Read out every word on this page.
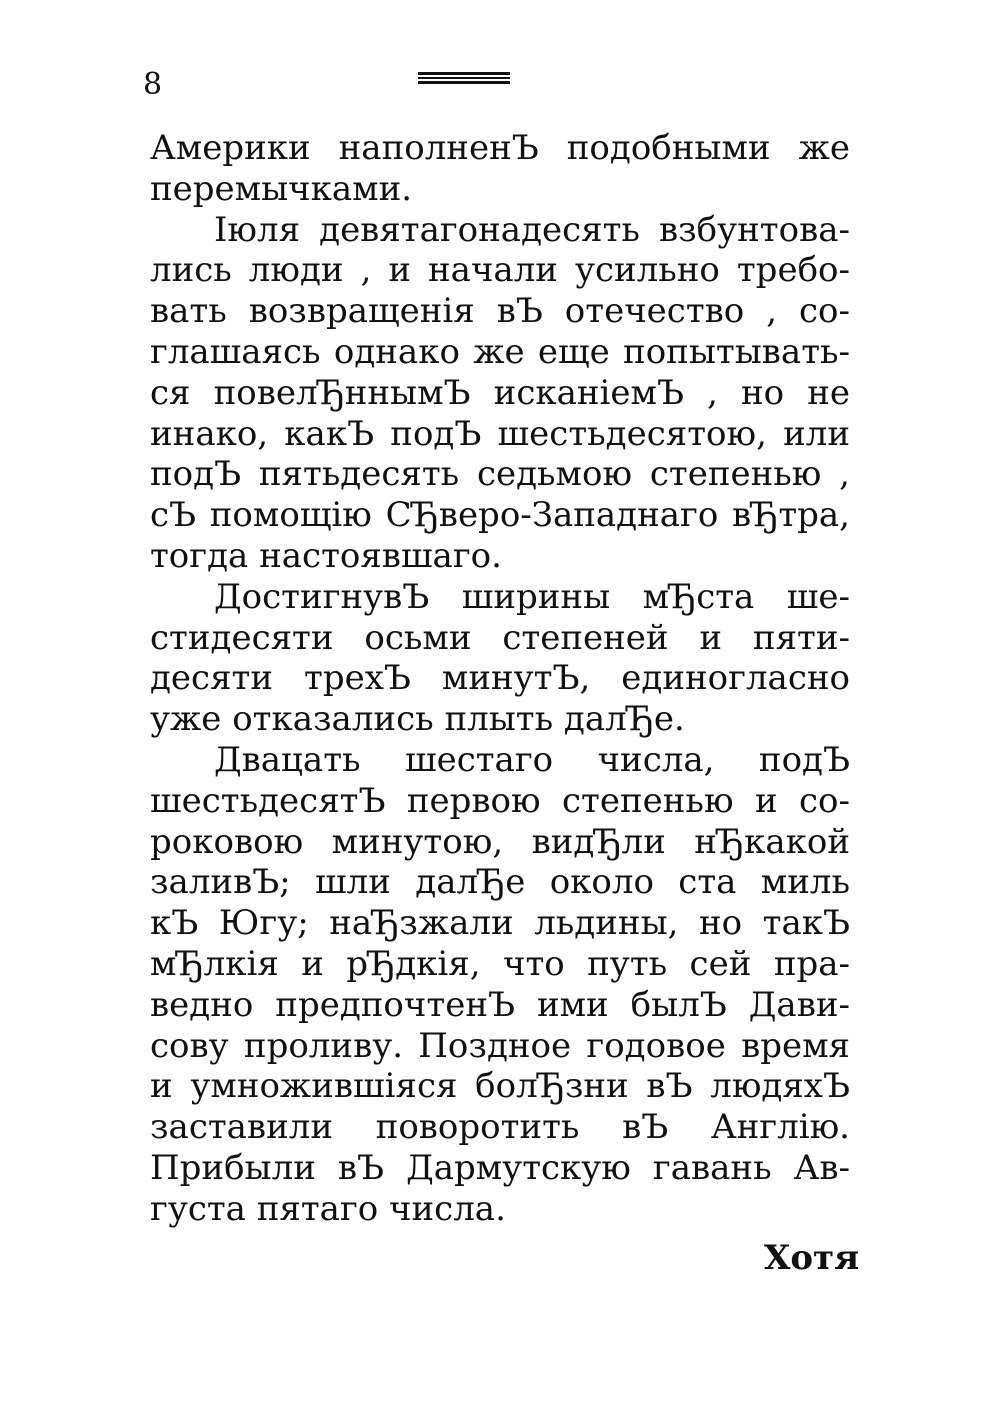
8
Америки наполненЪ подобными же
перемычками.
Іюля девятагонадесять взбунтова-
лись люди , и начали усильно требо-
вать возвращенія вЪ отечество , со-
глашаясь однако же еще попытывать-
ся повелЂннымЪ исканіемЪ , но не
инако, какЪ подЪ шестьдесятою, или
подЪ пятьдесять седьмою степенью ,
сЪ помощію СЂверо-Западнаго вЂтра,
тогда настоявшаго.
ДостигнувЪ ширины мЂста ше-
стидесяти осьми степеней и пяти-
десяти трехЪ минутЪ, единогласно
уже отказались плыть далЂе.
Двацать шестаго числа, подЪ
шестьдесятЪ первою степенью и со-
роковою минутою, видЂли нЂкакой
заливЪ; шли далЂе около ста миль
кЪ Югу; наЂзжали льдины, но такЪ
мЂлкія и рЂдкія, что путь сей пра-
ведно предпочтенЪ ими былЪ Дави-
сову проливу. Поздное годовое время
и умножившіяся болЂзни вЪ людяхЪ
заставили поворотить вЪ Англію.
Прибыли вЪ Дармутскую гавань Ав-
густа пятаго числа.
Хотя
